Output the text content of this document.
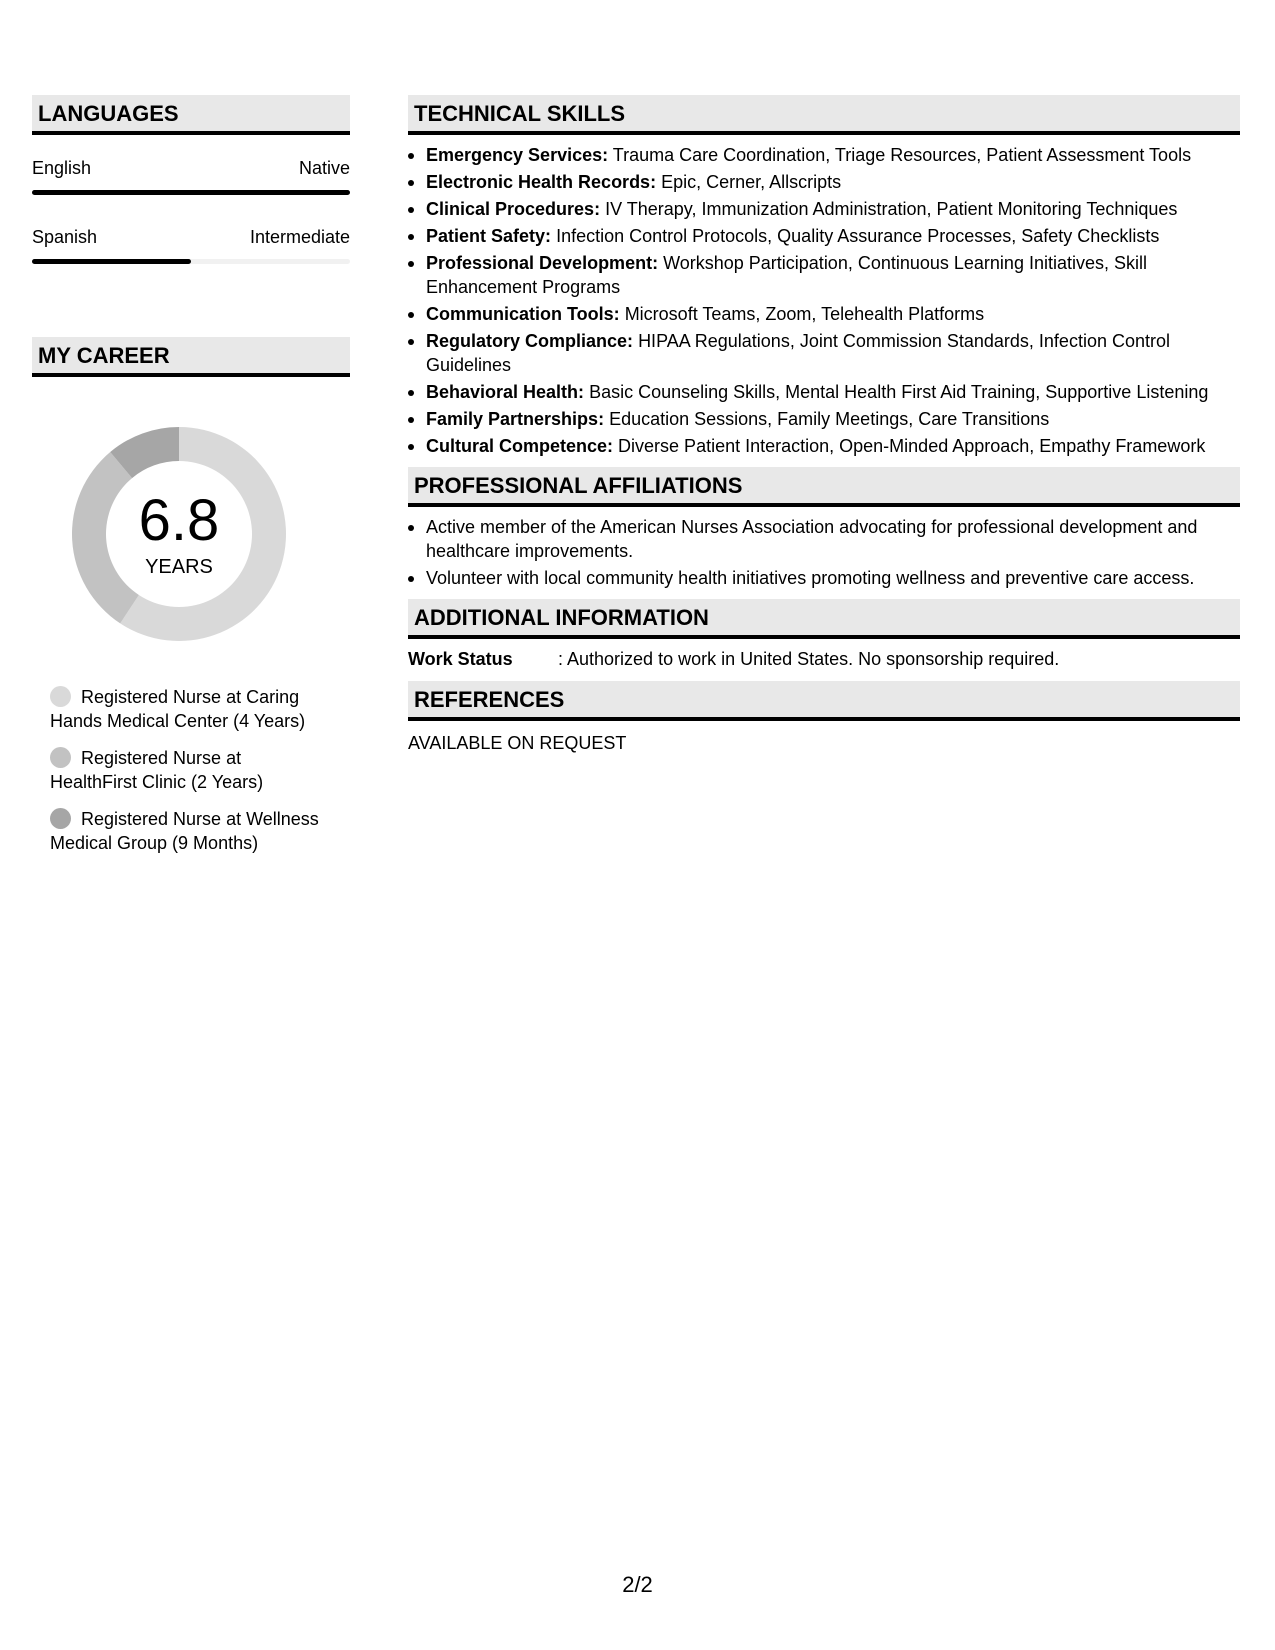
LANGUAGES
English	Native
Spanish	Intermediate
MY CAREER
6.8
YEARS
Registered Nurse at Caring Hands Medical Center (4 Years)
Registered Nurse at HealthFirst Clinic (2 Years)
Registered Nurse at Wellness Medical Group (9 Months)
TECHNICAL SKILLS
Emergency Services: Trauma Care Coordination, Triage Resources, Patient Assessment Tools
Electronic Health Records: Epic, Cerner, Allscripts
Clinical Procedures: IV Therapy, Immunization Administration, Patient Monitoring Techniques
Patient Safety: Infection Control Protocols, Quality Assurance Processes, Safety Checklists
Professional Development: Workshop Participation, Continuous Learning Initiatives, Skill Enhancement Programs
Communication Tools: Microsoft Teams, Zoom, Telehealth Platforms
Regulatory Compliance: HIPAA Regulations, Joint Commission Standards, Infection Control Guidelines
Behavioral Health: Basic Counseling Skills, Mental Health First Aid Training, Supportive Listening
Family Partnerships: Education Sessions, Family Meetings, Care Transitions
Cultural Competence: Diverse Patient Interaction, Open-Minded Approach, Empathy Framework
PROFESSIONAL AFFILIATIONS
Active member of the American Nurses Association advocating for professional development and healthcare improvements.
Volunteer with local community health initiatives promoting wellness and preventive care access.
ADDITIONAL INFORMATION
Work Status	: Authorized to work in United States. No sponsorship required.
REFERENCES
AVAILABLE ON REQUEST
2/2
